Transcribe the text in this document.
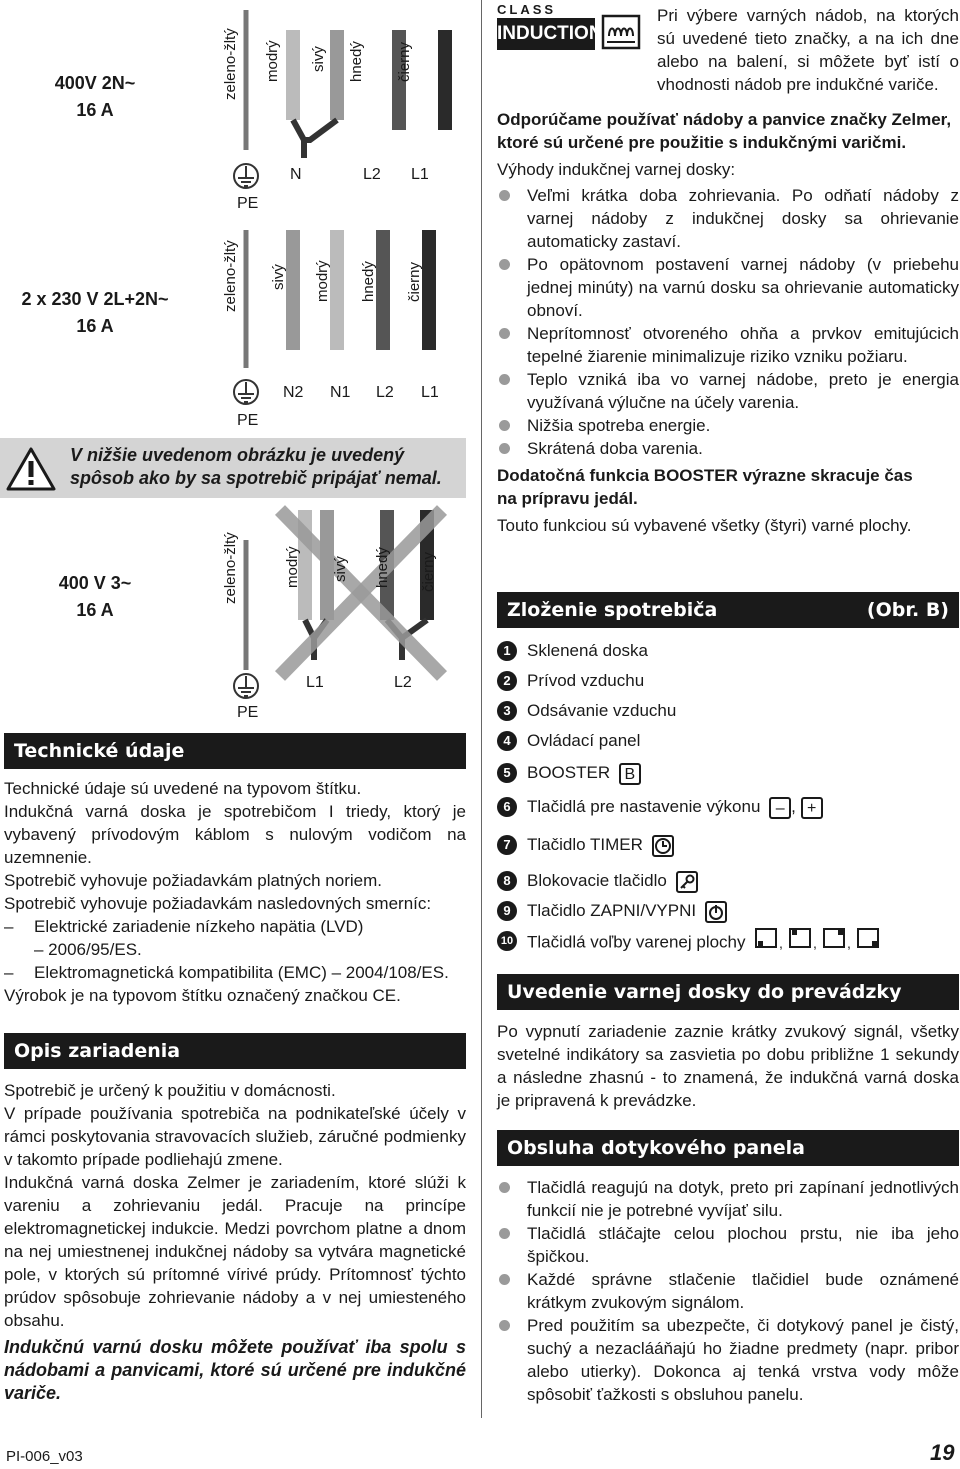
400V 2N~
16 A
zeleno-žltý modrý sivý hnedý čierny
PE
N	L2 L1
2 x 230 V 2L+2N~
16 A
zeleno-žltý sivý modrý hnedý čierny
PE
N2 N1 L2 L1

V nižšie uvedenom obrázku je uvedený spôsob ako by sa spotrebič pripájať nemal.

400 V 3~
16 A
zeleno-žltý	modrý sivý hnedý čierny
PE
L1	L2
Technické údaje

Technické údaje sú uvedené na typovom štítku.

Indukčná varná doska je spotrebičom I triedy, ktorý je vybavený prívodovým káblom s nulovým vodičom na uzemnenie.

Spotrebič vyhovuje požiadavkám platných noriem.

Spotrebič vyhovuje požiadavkám nasledovných smerníc:

– Elektrické zariadenie nízkeho napätia (LVD)
– 2006/95/ES.

– Elektromagnetická kompatibilita (EMC) – 2004/108/ES.

Výrobok je na typovom štítku označený značkou CE.

Opis zariadenia

Spotrebič je určený k použitiu v domácnosti.

V prípade používania spotrebiča na podnikateľské účely v rámci poskytovania stravovacích služieb, záručné podmienky v takomto prípade podliehajú zmene.

Indukčná varná doska Zelmer je zariadením, ktoré slúži k vareniu a zohrievaniu jedál. Pracuje na princípe elektromagnetickej indukcie. Medzi povrchom platne a dnom na nej umiestnenej indukčnej nádoby sa vytvára magnetické pole, v ktorých sú prítomné vírivé prúdy. Prítomnosť týchto prúdov spôsobuje zohrievanie nádoby a v nej umiesteného obsahu.

Indukčnú varnú dosku môžete používať iba spolu s nádobami a panvicami, ktoré sú určené pre indukčné variče.

CLASS
INDUCTION

Pri výbere varných nádob, na ktorých sú uvedené tieto značky, a na ich dne alebo na balení, si môžete byť istí o vhodnosti nádob pre indukčné variče.

Odporúčame používať nádoby a panvice značky Zelmer, ktoré sú určené pre použitie s indukčnými varičmi.

Výhody indukčnej varnej dosky:

Veľmi krátka doba zohrievania. Po odňatí nádoby z varnej nádoby z indukčnej dosky sa ohrievanie automaticky zastaví.
Po opätovnom postavení varnej nádoby (v priebehu jednej minúty) na varnú dosku sa ohrievanie automaticky obnoví.
Neprítomnosť otvoreného ohňa a prvkov emitujúcich tepelné žiarenie minimalizuje riziko vzniku požiaru.
Teplo vzniká iba vo varnej nádobe, preto je energia využívaná výlučne na účely varenia.
Nižšia spotreba energie.
Skrátená doba varenia.

Dodatočná funkcia BOOSTER výrazne skracuje čas na prípravu jedál.

Touto funkciou sú vybavené všetky (štyri) varné plochy.

Zloženie spotrebiča	(Obr. B)
1 Sklenená doska
2 Prívod vzduchu
3 Odsávanie vzduchu
4 Ovládací panel
5 BOOSTER B
6 Tlačidlá pre nastavenie výkonu – , +
7 Tlačidlo TIMER
8 Blokovacie tlačidlo
9 Tlačidlo ZAPNI/VYPNI
10 Tlačidlá voľby varenej plochy , , ,
Uvedenie varnej dosky do prevádzky

Po vypnutí zariadenie zaznie krátky zvukový signál, všetky svetelné indikátory sa zasvietia po dobu približne 1 sekundy a následne zhasnú - to znamená, že indukčná varná doska je pripravená k prevádzke.

Obsluha dotykového panela
Tlačidlá reagujú na dotyk, preto pri zapínaní jednotlivých funkcií nie je potrebné vyvíjať silu.
Tlačidlá stláčajte celou plochou prstu, nie iba jeho špičkou.
Každé správne stlačenie tlačidiel bude oznámené krátkym zvukovým signálom.
Pred použitím sa ubezpečte, či dotykový panel je čistý, suchý a nezaclááňajú ho žiadne predmety (napr. pribor alebo utierky). Dokonca aj tenká vrstva vody môže spôsobiť ťažkosti s obsluhou panelu.
PI-006_v03	19
